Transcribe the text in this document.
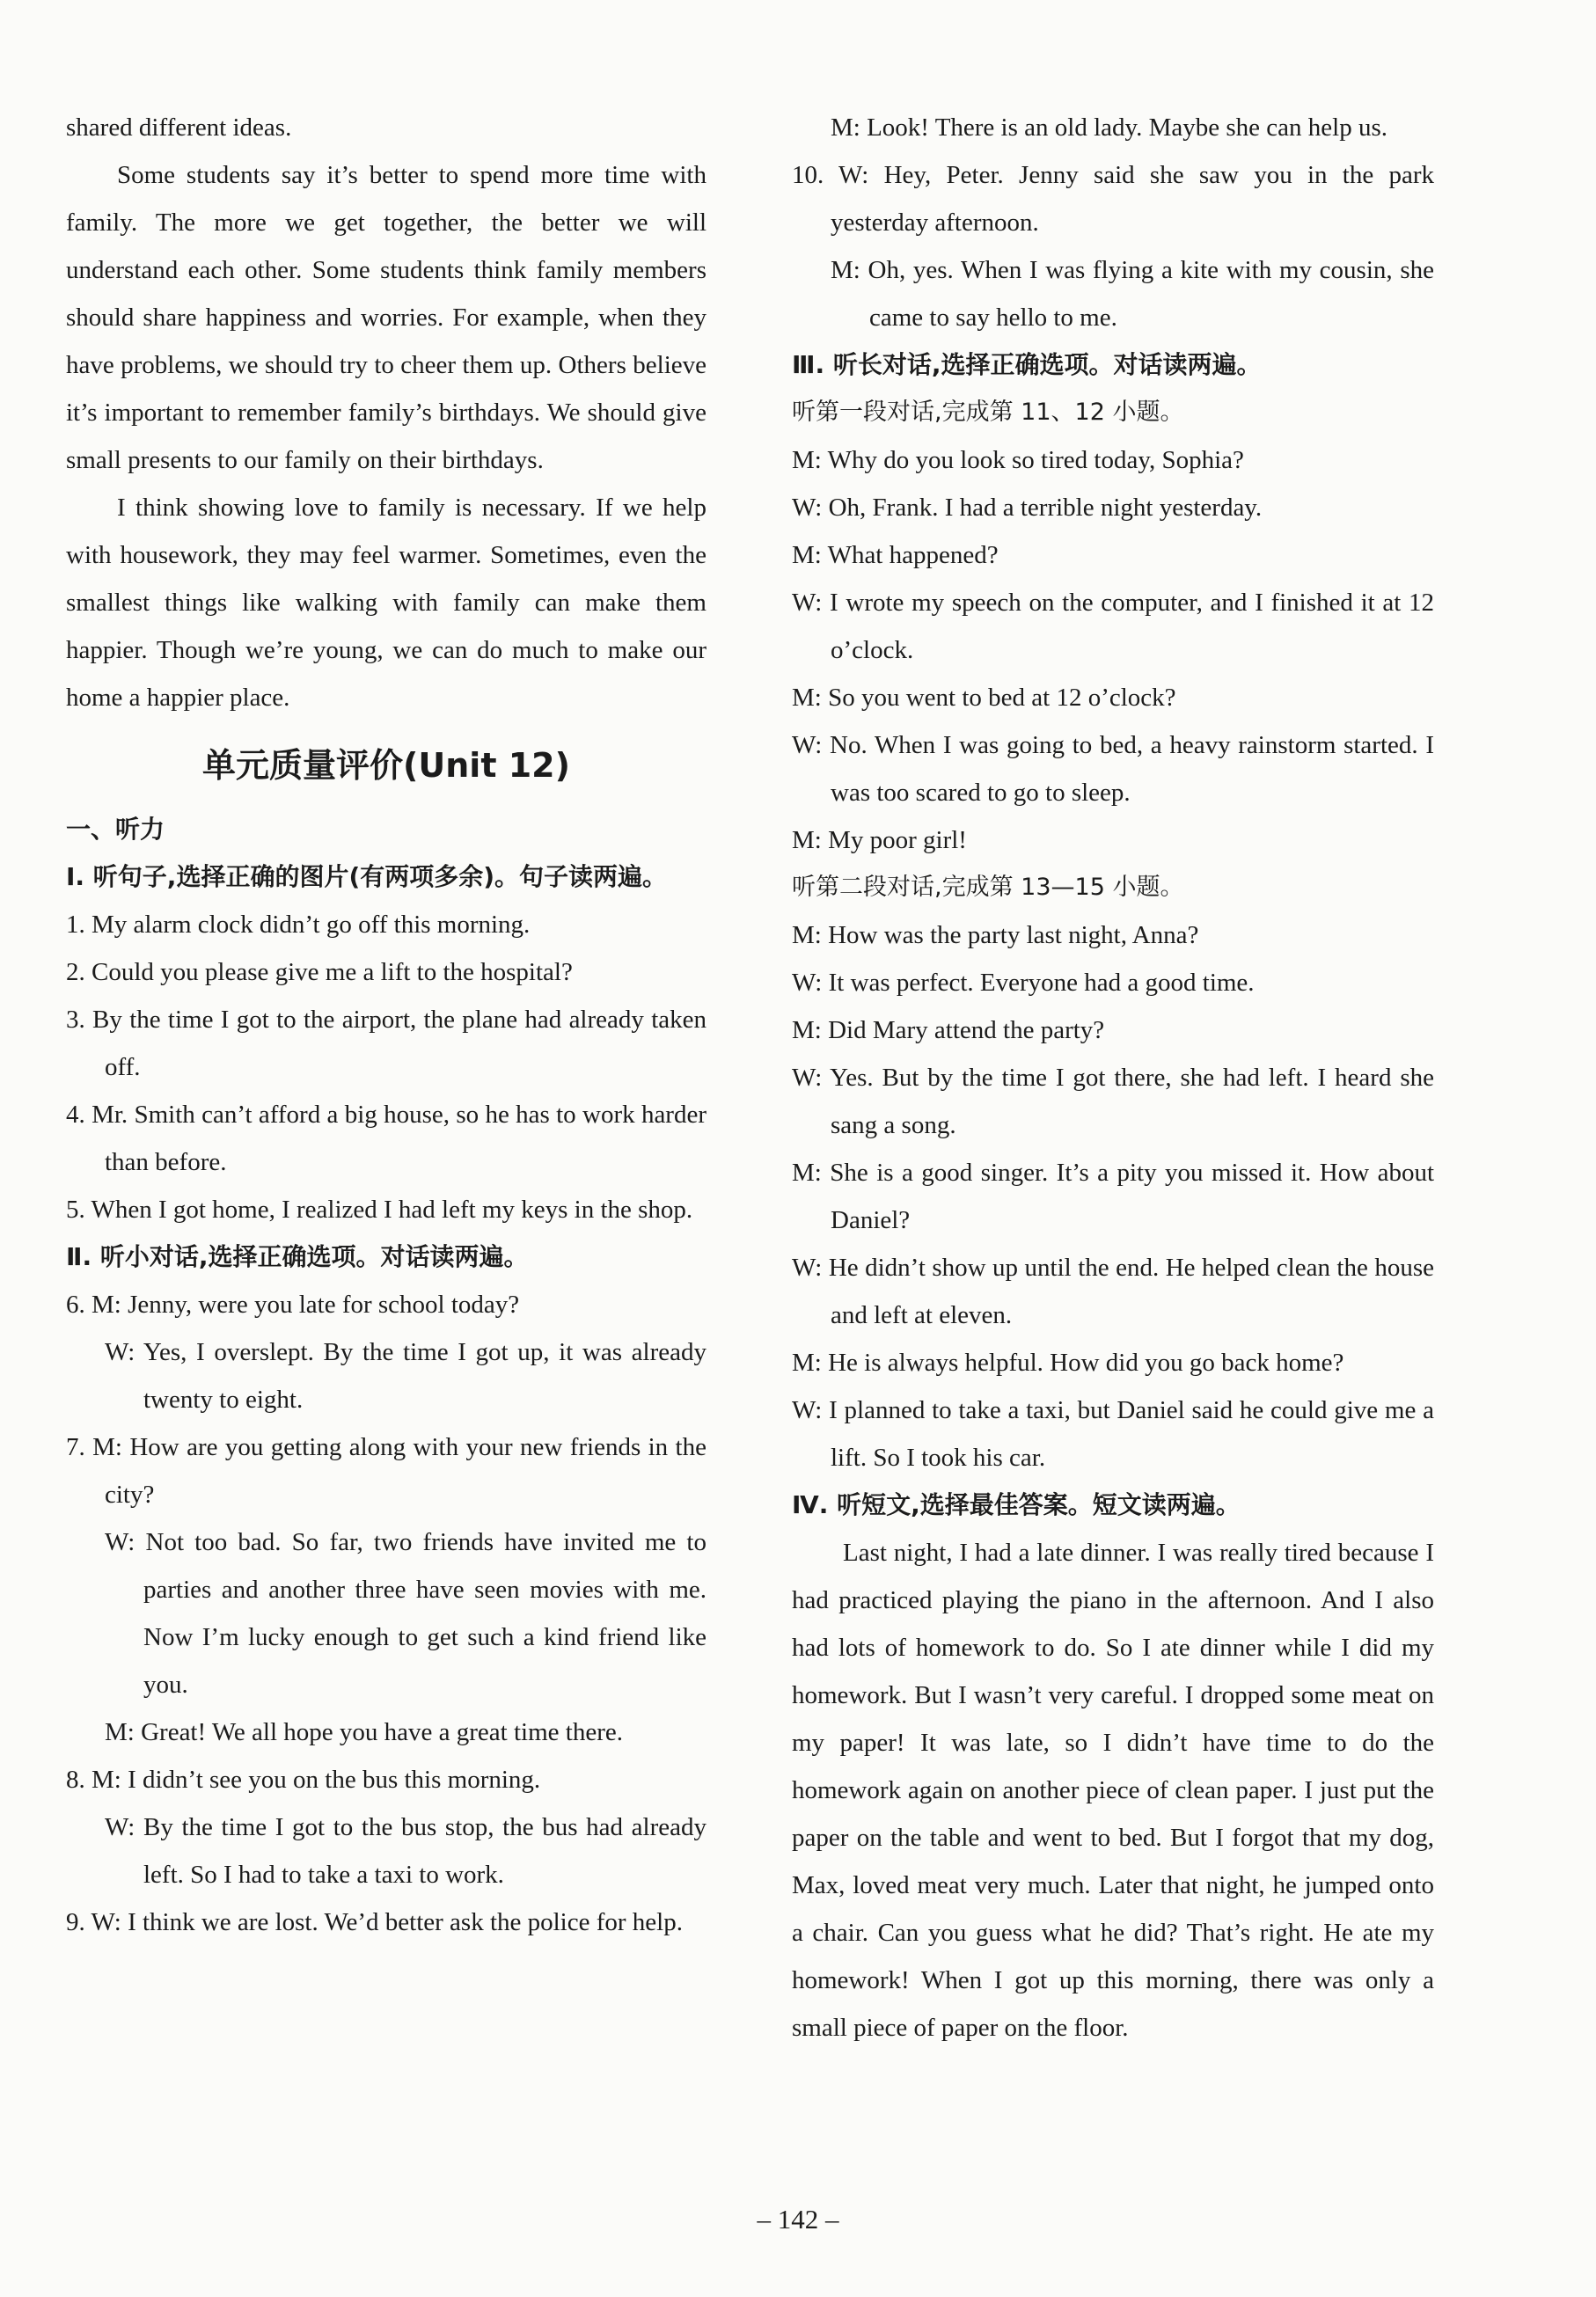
shared different ideas.

Some students say it’s better to spend more time with family. The more we get together, the better we will understand each other. Some students think family members should share happiness and worries. For example, when they have problems, we should try to cheer them up. Others believe it’s important to remember family’s birthdays. We should give small presents to our family on their birthdays.

I think showing love to family is necessary. If we help with housework, they may feel warmer. Sometimes, even the smallest things like walking with family can make them happier. Though we’re young, we can do much to make our home a happier place.

单元质量评价(Unit 12)

一、听力

Ⅰ. 听句子,选择正确的图片(有两项多余)。句子读两遍。

1. My alarm clock didn’t go off this morning.

2. Could you please give me a lift to the hospital?

3. By the time I got to the airport, the plane had already taken off.

4. Mr. Smith can’t afford a big house, so he has to work harder than before.

5. When I got home, I realized I had left my keys in the shop.

Ⅱ. 听小对话,选择正确选项。对话读两遍。

6. M: Jenny, were you late for school today?

W: Yes, I overslept. By the time I got up, it was already twenty to eight.

7. M: How are you getting along with your new friends in the city?

W: Not too bad. So far, two friends have invited me to parties and another three have seen movies with me. Now I’m lucky enough to get such a kind friend like you.

M: Great! We all hope you have a great time there.

8. M: I didn’t see you on the bus this morning.

W: By the time I got to the bus stop, the bus had already left. So I had to take a taxi to work.

9. W: I think we are lost. We’d better ask the police for help.

M: Look! There is an old lady. Maybe she can help us.

10. W: Hey, Peter. Jenny said she saw you in the park yesterday afternoon.

M: Oh, yes. When I was flying a kite with my cousin, she came to say hello to me.

Ⅲ. 听长对话,选择正确选项。对话读两遍。

听第一段对话,完成第 11、12 小题。

M: Why do you look so tired today, Sophia?

W: Oh, Frank. I had a terrible night yesterday.

M: What happened?

W: I wrote my speech on the computer, and I finished it at 12 o’clock.

M: So you went to bed at 12 o’clock?

W: No. When I was going to bed, a heavy rainstorm started. I was too scared to go to sleep.

M: My poor girl!

听第二段对话,完成第 13—15 小题。

M: How was the party last night, Anna?

W: It was perfect. Everyone had a good time.

M: Did Mary attend the party?

W: Yes. But by the time I got there, she had left. I heard she sang a song.

M: She is a good singer. It’s a pity you missed it. How about Daniel?

W: He didn’t show up until the end. He helped clean the house and left at eleven.

M: He is always helpful. How did you go back home?

W: I planned to take a taxi, but Daniel said he could give me a lift. So I took his car.

Ⅳ. 听短文,选择最佳答案。短文读两遍。

Last night, I had a late dinner. I was really tired because I had practiced playing the piano in the afternoon. And I also had lots of homework to do. So I ate dinner while I did my homework. But I wasn’t very careful. I dropped some meat on my paper! It was late, so I didn’t have time to do the homework again on another piece of clean paper. I just put the paper on the table and went to bed. But I forgot that my dog, Max, loved meat very much. Later that night, he jumped onto a chair. Can you guess what he did? That’s right. He ate my homework! When I got up this morning, there was only a small piece of paper on the floor.

– 142 –
